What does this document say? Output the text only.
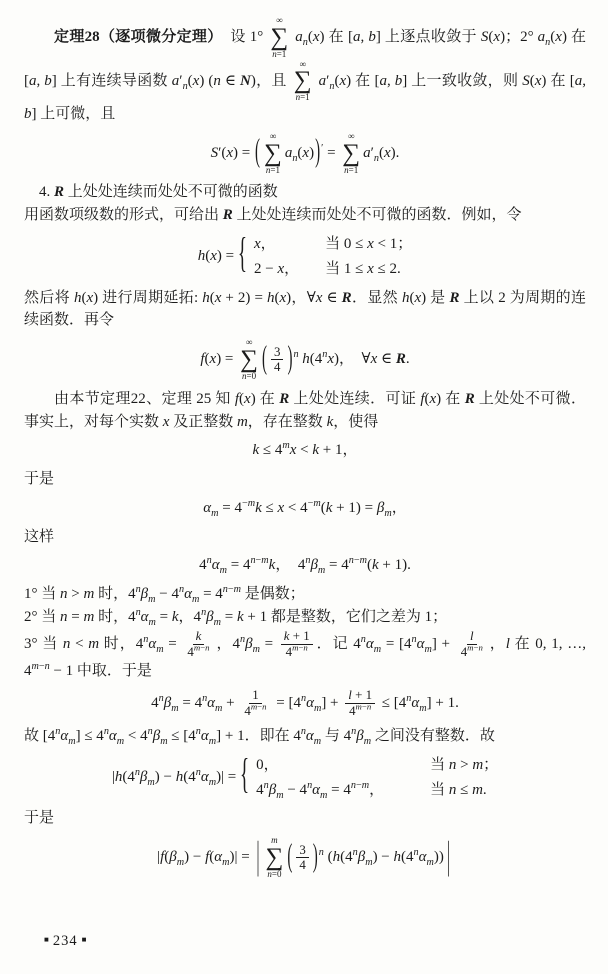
定理28（逐项微分定理）　设 1°
∞
∑
n=1
$a_n(x)$ 在 [a, b] 上逐点收敛于 S(x)；2° $a_n(x)$ 在 [a, b] 上有连续导函数 $a'_n(x)$ (n ∈ N)，且
∞
∑
n=1
$a'_n(x)$ 在 [a, b] 上一致收敛，则 S(x) 在 [a, b] 上可微，且
S′(x) = ( ∞
∑
n=1
$a_n(x))'$ =
∞
∑
n=1
$a'_n(x)$.
4. R 上处处连续而处处不可微的函数
用函数项级数的形式，可给出 R 上处处连续而处处不可微的函数．例如，令
h(x) = { x，	当 0 ≤ x < 1；
2 − x， 当 1 ≤ x ≤ 2.
然后将 h(x) 进行周期延拓: h(x + 2) = h(x)，∀x ∈ R．显然 h(x) 是 R 上以 2 为周期的连续函数．再令
f(x) =
∞
∑
n=0 ( $\frac{3}{4} )^n$ h(4$^n$x)，　∀x ∈ R.
由本节定理22、定理 25 知 f(x) 在 R 上处处连续．可证 f(x) 在 R 上处处不可微．事实上，对每个实数 x 及正整数 m，存在整数 k，使得
$k \le 4^mx < k + 1$，
于是
$\alpha_m = 4^{-m}k \le x < 4^{-m}(k + 1) = \beta_m$，
这样
$4^n\alpha_m = 4^{n-m}k$，　$4^n\beta_m = 4^{n-m}(k + 1)$.
1° 当 n > m 时，$4^n\beta_m - 4^n\alpha_m = 4^{n-m}$ 是偶数；
2° 当 n = m 时，$4^n\alpha_m = k$，$4^n\beta_m = k + 1$ 都是整数，它们之差为 1；
3° 当 n < m 时，$4^n\alpha_m = \frac{k}{4^{m-n}}$ ，$4^n\beta_m = \frac{k + 1}{4^{m-n}}$ ．记 $4^n\alpha_m = [4^n\alpha_m] + \frac{l}{4^{m-n}}$ ，l 在 0, 1, …, $4^{m-n} - 1$ 中取．于是
$4^n\beta_m = 4^n\alpha_m + \frac{1}{4^{m-n}} = [4^n\alpha_m] + \frac{l + 1}{4^{m-n}} \le [4^n\alpha_m] + 1$.
故 $[4^n\alpha_m] \le 4^n\alpha_m < 4^n\beta_m \le [4^n\alpha_m] + 1$．即在 $4^n\alpha_m$ 与 $4^n\beta_m$ 之间没有整数．故
$|h(4^n\beta_m) - h(4^n\alpha_m)|$ = { 0，	当 n > m；
$4^n\beta_m - 4^n\alpha_m = 4^{n-m}$，	当 n ≤ m.
于是
$|f(\beta_m) - f(\alpha_m)|$ = | m
∑
n=0 ( $\frac{3}{4} )^n$ $(h(4^n\beta_m) - h(4^n\alpha_m))$ |
■ 234 ■
